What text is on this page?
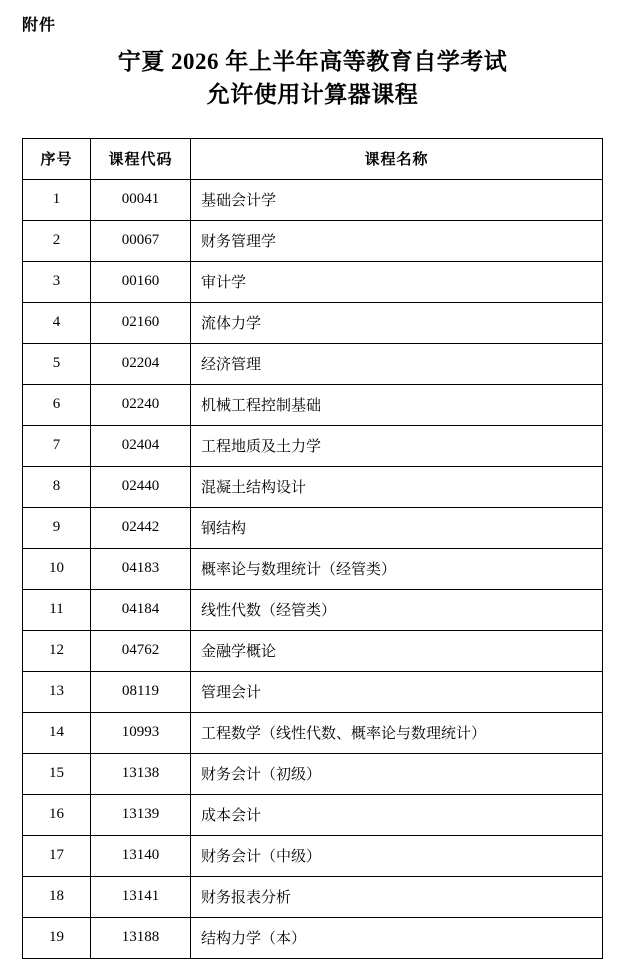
附件
宁夏 2026 年上半年高等教育自学考试
允许使用计算器课程
序号	课程代码	课程名称
1	00041	基础会计学
2	00067	财务管理学
3	00160	审计学
4	02160	流体力学
5	02204	经济管理
6	02240	机械工程控制基础
7	02404	工程地质及土力学
8	02440	混凝土结构设计
9	02442	钢结构
10	04183	概率论与数理统计（经管类）
11	04184	线性代数（经管类）
12	04762	金融学概论
13	08119	管理会计
14	10993	工程数学（线性代数、概率论与数理统计）
15	13138	财务会计（初级）
16	13139	成本会计
17	13140	财务会计（中级）
18	13141	财务报表分析
19	13188	结构力学（本）
